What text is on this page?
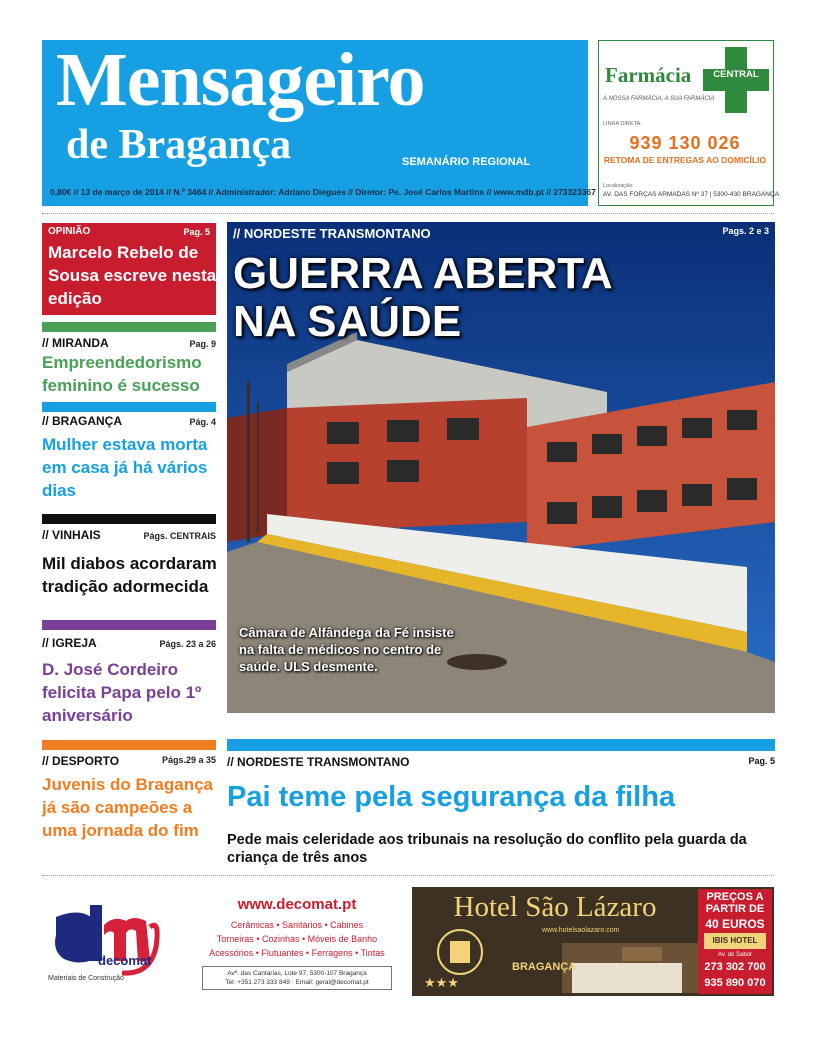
Mensageiro
de Bragança	SEMANÁRIO REGIONAL
0,80€ // 13 de março de 2014 // N.º 3464 // Administrador: Adriano Diegues // Diretor: Pe. José Carlos Martins // www.mdb.pt // 273323367
Farmácia	CENTRAL
A NOSSA FARMÁCIA, A SUA FARMÁCIA
LINHA DIRETA:
939 130 026
RETOMA DE ENTREGAS AO DOMICÍLIO
Localização:
AV. DAS FORÇAS ARMADAS Nº 37 | 5300-430 BRAGANÇA
OPINIÃO	Pag. 5
Marcelo Rebelo de Sousa escreve nesta edição
// MIRANDA	Pag. 9
Empreendedorismo feminino é sucesso
// BRAGANÇA	Pág. 4
Mulher estava morta em casa já há vários dias
// VINHAIS	Págs. CENTRAIS
Mil diabos acordaram tradição adormecida
// IGREJA	Págs. 23 a 26
D. José Cordeiro felicita Papa pelo 1º aniversário
// DESPORTO	Págs.29 a 35
Juvenis do Bragança já são campeões a uma jornada do fim
// NORDESTE TRANSMONTANO	Pags. 2 e 3
GUERRA ABERTA
NA SAÚDE
Câmara de Alfândega da Fé insiste na falta de médicos no centro de saúde. ULS desmente.
// NORDESTE TRANSMONTANO	Pag. 5
Pai teme pela segurança da filha
Pede mais celeridade aos tribunais na resolução do conflito pela guarda da criança de três anos
decomat
Materiais de Construção
www.decomat.pt
Cerâmicas • Sanitários • Cabines
Torneiras • Cozinhas • Móveis de Banho
Acessórios • Flutuantes • Ferragens • Tintas
Avª. das Cantarias, Lote 97, 5300-107 Bragança
Tel: +351 273 333 849 · Email: geral@decomat.pt
Hotel São Lázaro
www.hotelsaolazaro.com
BRAGANÇA
★★★
PREÇOS A PARTIR DE
40 EUROS
IBIS HOTEL
Av. do Sabor
273 302 700
935 890 070
